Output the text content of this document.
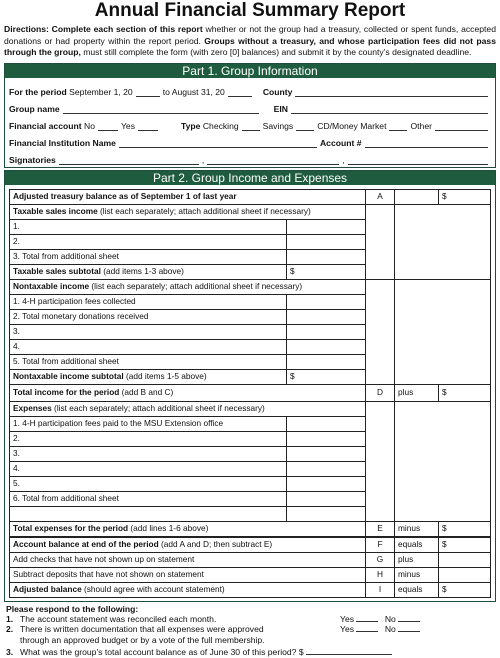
Annual Financial Summary Report

Directions: Complete each section of this report whether or not the group had a treasury, collected or spent funds, accepted donations or had property within the report period. Groups without a treasury, and whose participation fees did not pass through the group, must still complete the form (with zero [0] balances) and submit it by the county’s designated deadline.

Part 1. Group Information
For the period
September 1, 20	to August 31, 20	County
Group name	EIN
Financial account
No	Yes	Type
Checking	Savings	CD/Money Market	Other
Financial Institution Name	Account #
Signatories	,	,
Part 2. Group Income and Expenses
Adjusted treasury balance as of September 1 of last year		A		$
Taxable sales income (list each separately; attach additional sheet if necessary)				
1.				
2.				
3. Total from additional sheet				
Taxable sales subtotal (add items 1-3 above)	$			
Nontaxable income (list each separately; attach additional sheet if necessary)				
1. 4-H participation fees collected				
2. Total monetary donations received				
3.				
4.				
5. Total from additional sheet				
Nontaxable income subtotal (add items 1-5 above)	$			
Total income for the period (add B and C)		D	plus	$
Expenses (list each separately; attach additional sheet if necessary)				
1. 4-H participation fees paid to the MSU Extension office				
2.				
3.				
4.				
5.				
6. Total from additional sheet				

Total expenses for the period (add lines 1-6 above)		E	minus	$
Account balance at end of the period (add A and D; then subtract E)		F	equals	$
Add checks that have not shown up on statement		G	plus	
Subtract deposits that have not shown on statement		H	minus	
Adjusted balance (should agree with account statement)		I	equals	$
Please respond to the following:
1. The account statement was reconciled each month.	Yes	No
2. There is written documentation that all expenses were approved	Yes	No
through an approved budget or by a vote of the full membership.
3. What was the group’s total account balance as of June 30 of this period? $
